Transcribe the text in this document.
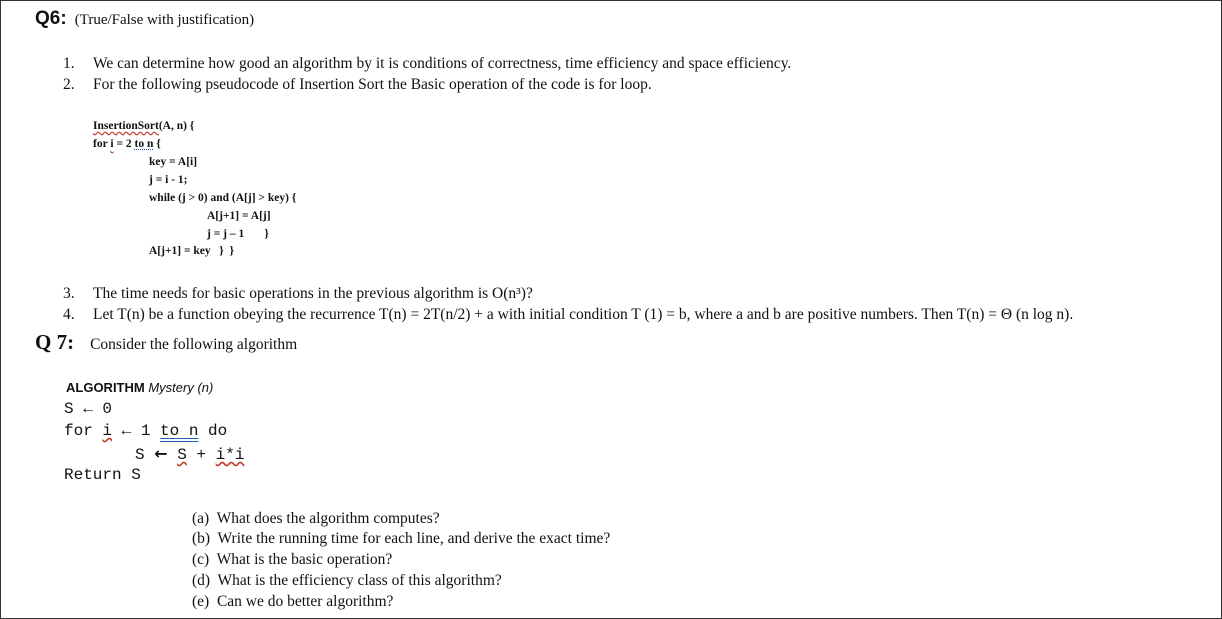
Q6: (True/False with justification)
1. We can determine how good an algorithm by it is conditions of correctness, time efficiency and space efficiency.
2. For the following pseudocode of Insertion Sort the Basic operation of the code is for loop.
InsertionSort(A, n) {
for i = 2 to n {
key = A[i]
j = i - 1;
while (j > 0) and (A[j] > key) {
A[j+1] = A[j]
j = j – 1       }
A[j+1] = key   }  }
3. The time needs for basic operations in the previous algorithm is O(n³)?
4. Let T(n) be a function obeying the recurrence T(n) = 2T(n/2) + a with initial condition T (1) = b, where a and b are positive numbers. Then T(n) = Θ (n log n).
Q 7: Consider the following algorithm
ALGORITHM Mystery (n)
S ← 0
for i ← 1 to n do
S ← S + i*i
Return S
(a)  What does the algorithm computes?
(b)  Write the running time for each line, and derive the exact time?
(c)  What is the basic operation?
(d)  What is the efficiency class of this algorithm?
(e)  Can we do better algorithm?
